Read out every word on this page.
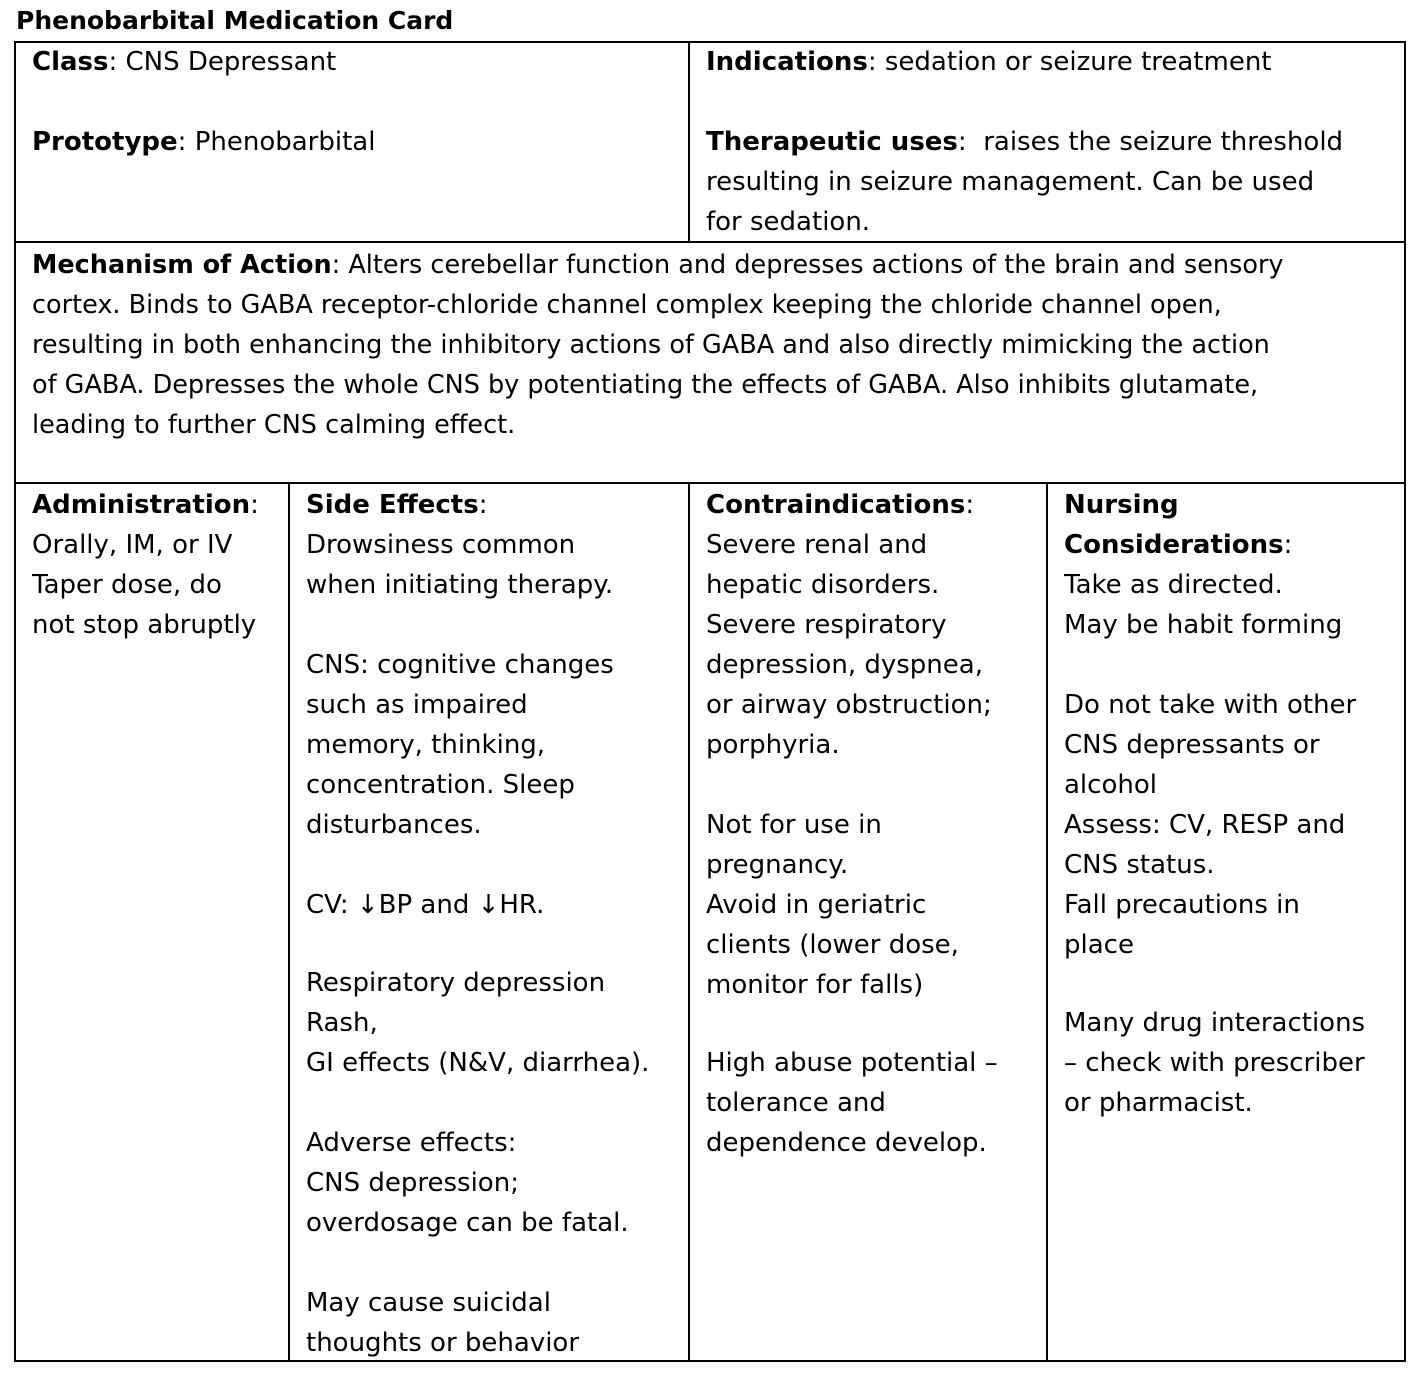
Phenobarbital Medication Card

Class: CNS Depressant

Prototype: Phenobarbital

Indications: sedation or seizure treatment

Therapeutic uses:  raises the seizure threshold

resulting in seizure management. Can be used

for sedation.

Mechanism of Action: Alters cerebellar function and depresses actions of the brain and sensory

cortex. Binds to GABA receptor-chloride channel complex keeping the chloride channel open,

resulting in both enhancing the inhibitory actions of GABA and also directly mimicking the action

of GABA. Depresses the whole CNS by potentiating the effects of GABA. Also inhibits glutamate,

leading to further CNS calming effect.

Administration:

Orally, IM, or IV

Taper dose, do

not stop abruptly

Side Effects:

Drowsiness common

when initiating therapy.

CNS: cognitive changes

such as impaired

memory, thinking,

concentration. Sleep

disturbances.

CV: ↓BP and ↓HR.

Respiratory depression

Rash,

GI effects (N&V, diarrhea).

Adverse effects:

CNS depression;

overdosage can be fatal.

May cause suicidal

thoughts or behavior

Contraindications:

Severe renal and

hepatic disorders.

Severe respiratory

depression, dyspnea,

or airway obstruction;

porphyria.

Not for use in

pregnancy.

Avoid in geriatric

clients (lower dose,

monitor for falls)

High abuse potential –

tolerance and

dependence develop.

Nursing

Considerations:

Take as directed.

May be habit forming

Do not take with other

CNS depressants or

alcohol

Assess: CV, RESP and

CNS status.

Fall precautions in

place

Many drug interactions

– check with prescriber

or pharmacist.
